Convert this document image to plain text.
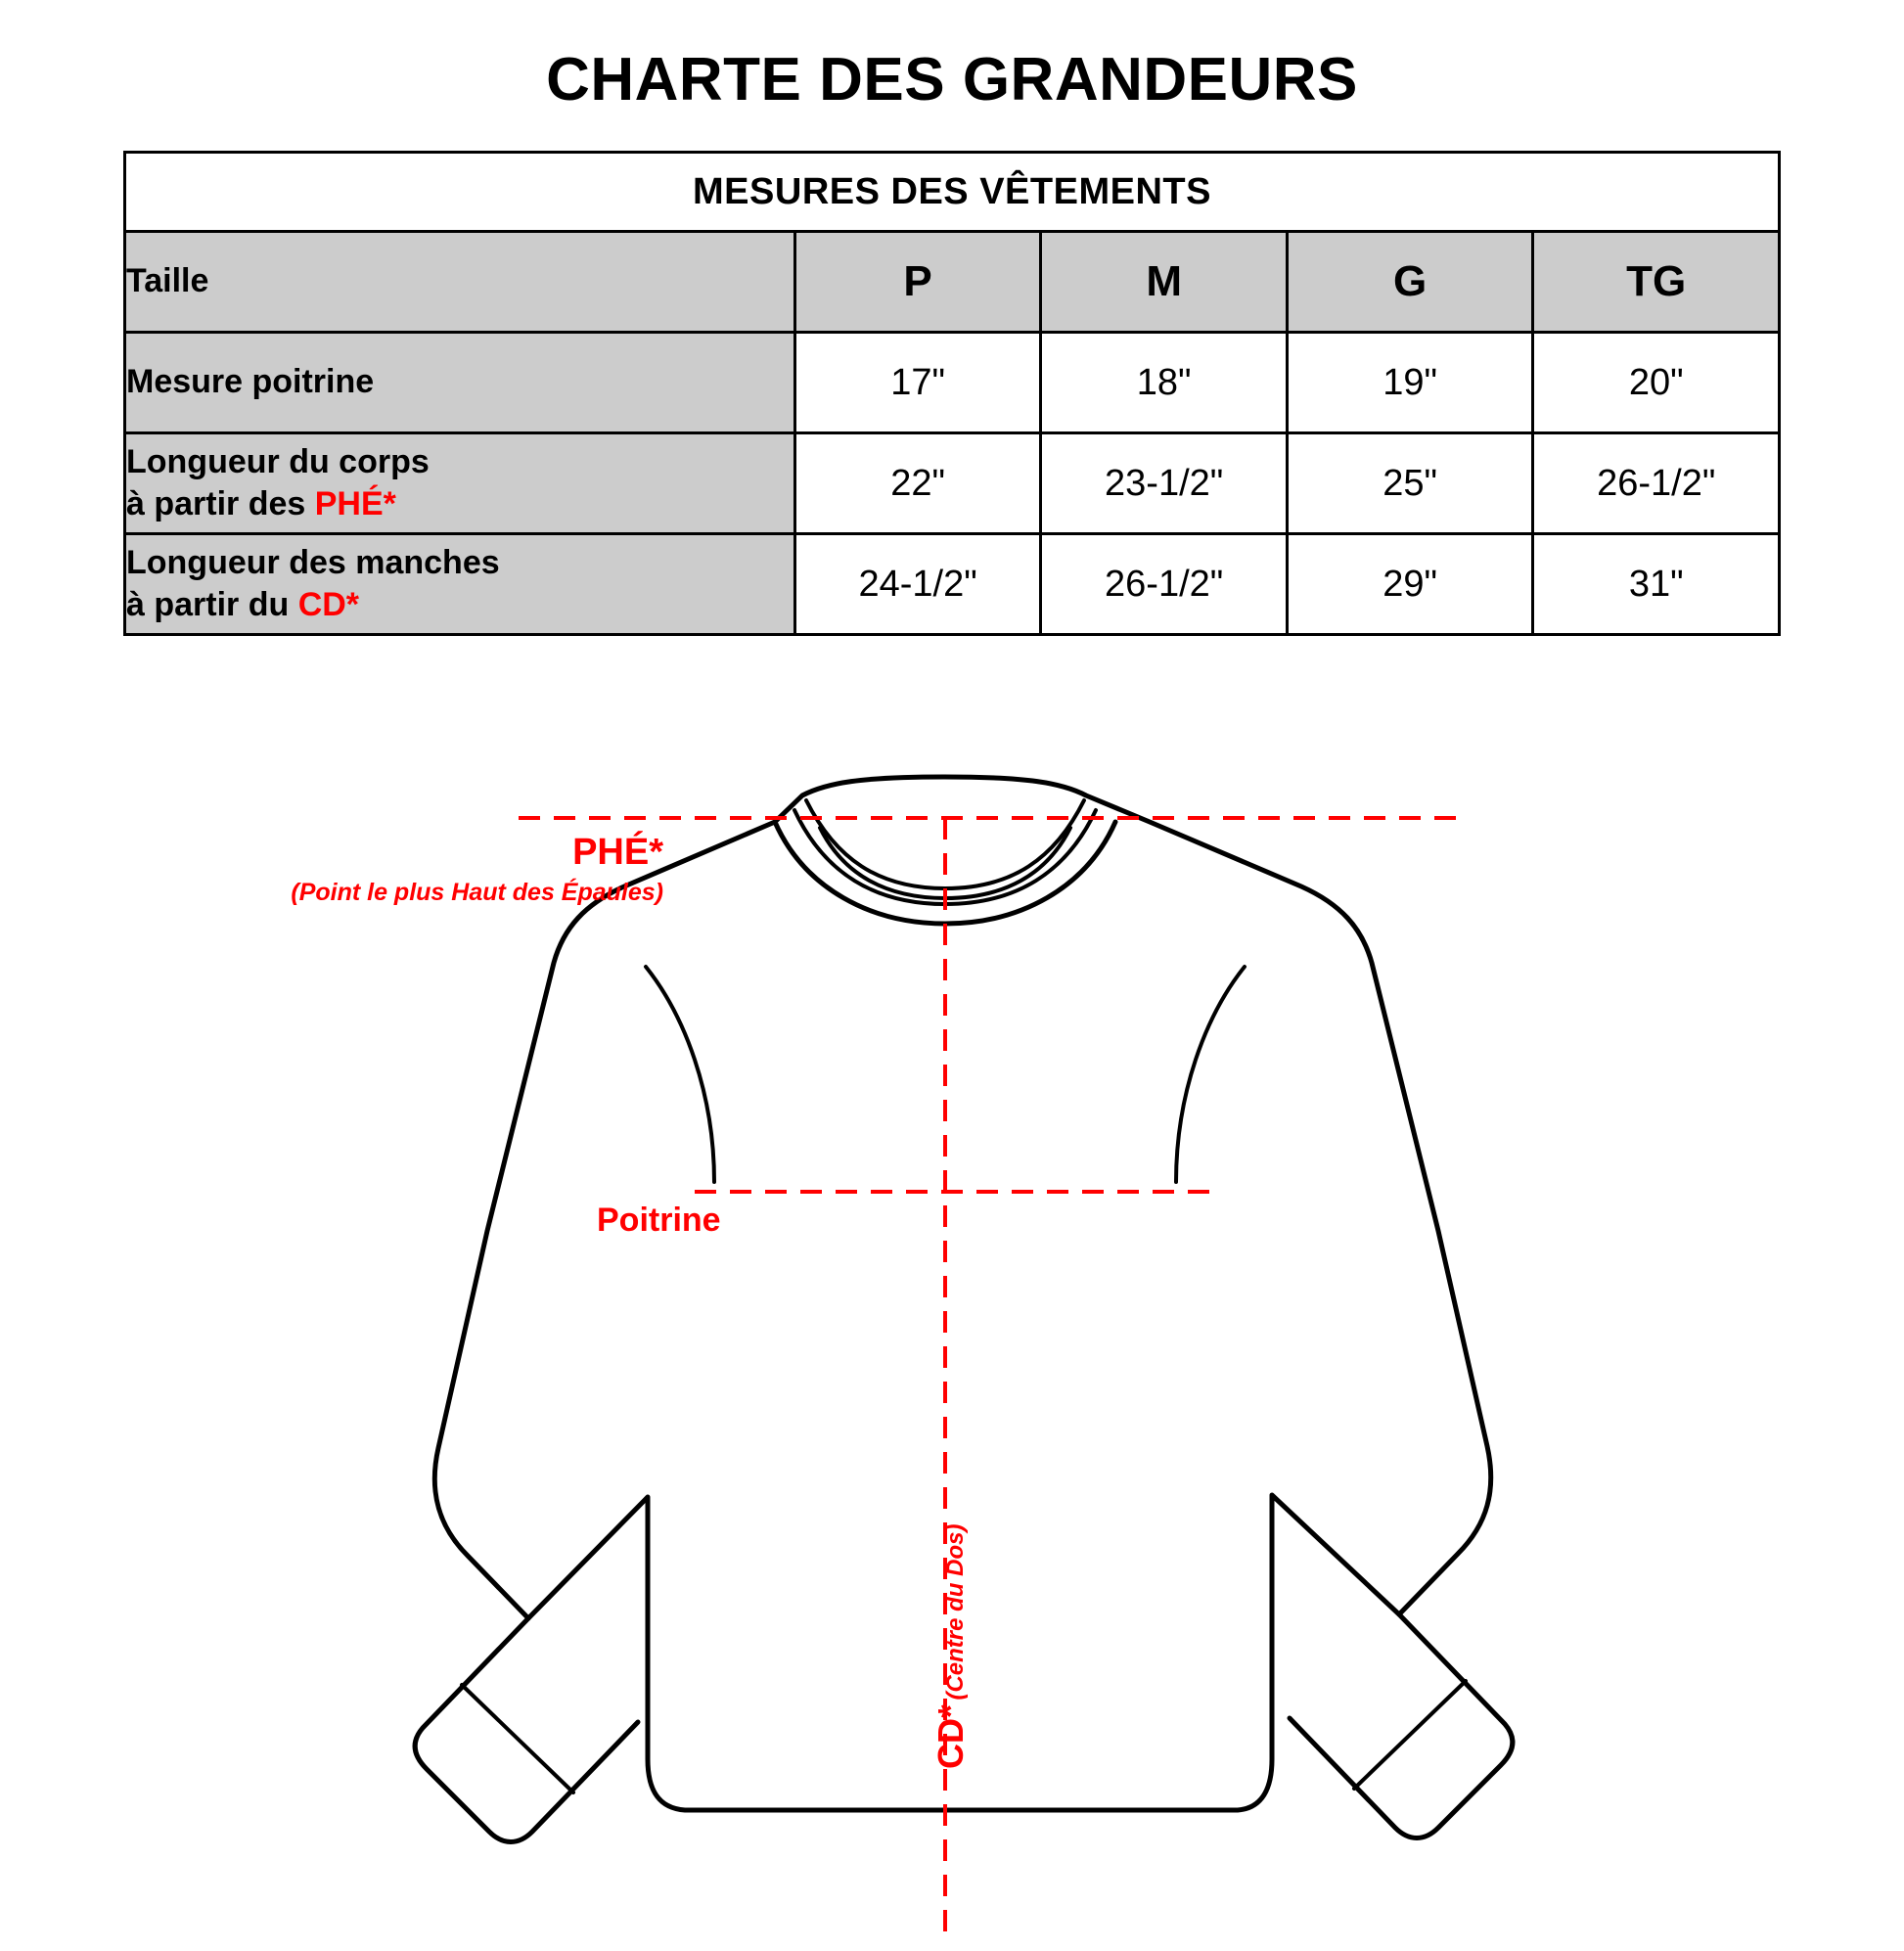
CHARTE DES GRANDEURS
MESURES DES VÊTEMENTS				
Taille	P	M	G	TG
Mesure poitrine	17"	18"	19"	20"
Longueur du corps
à partir des PHÉ*	22"	23-1/2"	25"	26-1/2"
Longueur des manches
à partir du CD*	24-1/2"	26-1/2"	29"	31"
PHÉ*
(Point le plus Haut des Épaules)
Poitrine
CD* (Centre du Dos)
